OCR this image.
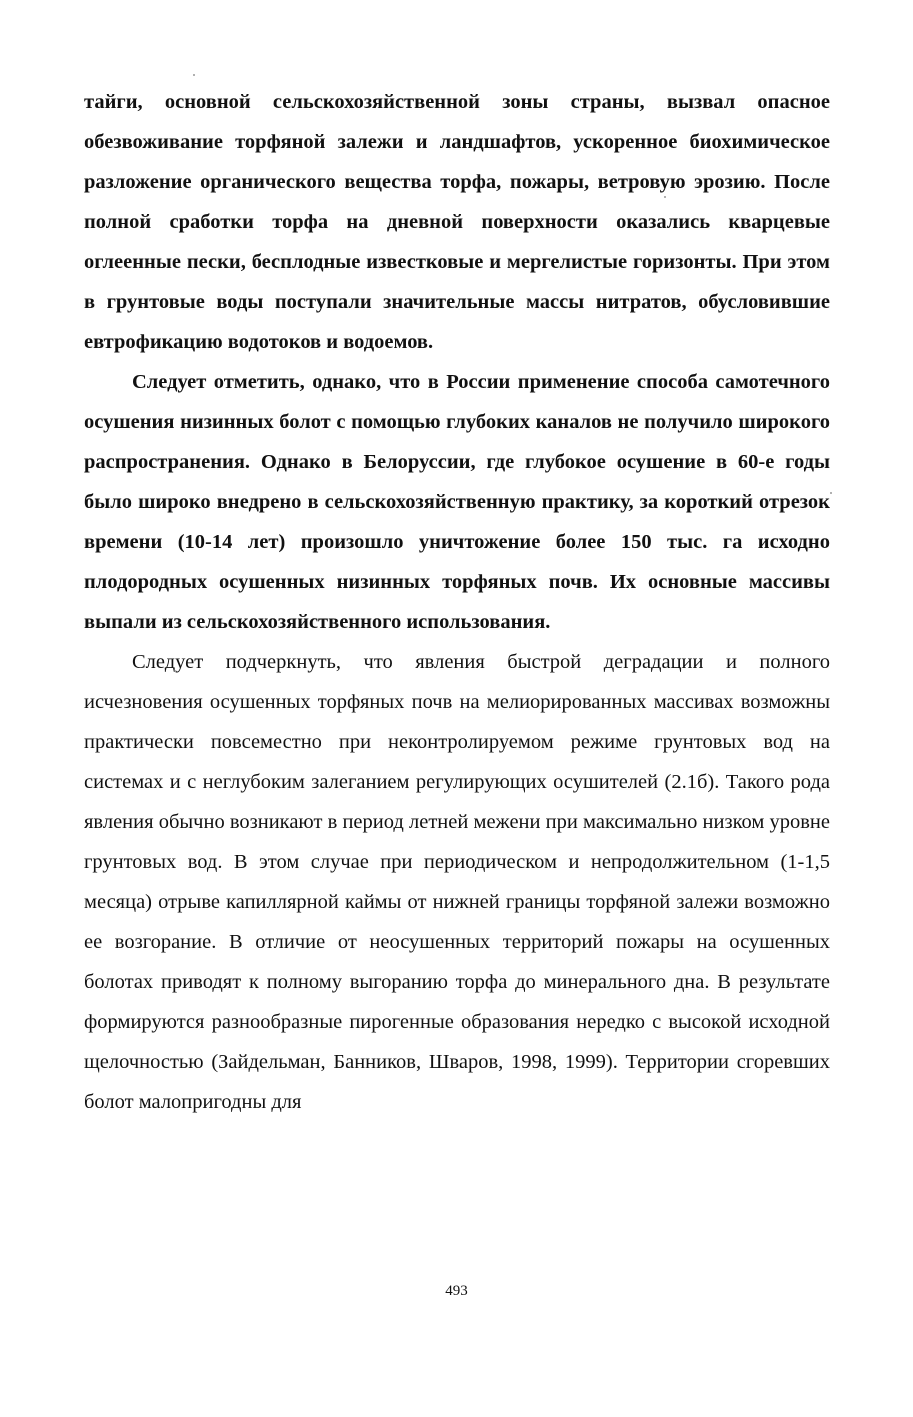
тайги, основной сельскохозяйственной зоны страны, вызвал опасное обезвоживание торфяной залежи и ландшафтов, ускоренное биохимическое разложение органического вещества торфа, пожары, ветровую эрозию. После полной сработки торфа на дневной поверхности оказались кварцевые оглеенные пески, бесплодные известковые и мергелистые горизонты. При этом в грунтовые воды поступали значительные массы нитратов, обусловившие евтрофикацию водотоков и водоемов.

Следует отметить, однако, что в России применение способа самотечного осушения низинных болот с помощью глубоких каналов не получило широкого распространения. Однако в Белоруссии, где глубокое осушение в 60-е годы было широко внедрено в сельскохозяйственную практику, за короткий отрезок времени (10-14 лет) произошло уничтожение более 150 тыс. га исходно плодородных осушенных низинных торфяных почв. Их основные массивы выпали из сельскохозяйственного использования.

Следует подчеркнуть, что явления быстрой деградации и полного исчезновения осушенных торфяных почв на мелиорированных массивах возможны практически повсеместно при неконтролируемом режиме грунтовых вод на системах и с неглубоким залеганием регулирующих осушителей (2.1б). Такого рода явления обычно возникают в период летней межени при максимально низком уровне грунтовых вод. В этом случае при периодическом и непродолжительном (1-1,5 месяца) отрыве капиллярной каймы от нижней границы торфяной залежи возможно ее возгорание. В отличие от неосушенных территорий пожары на осушенных болотах приводят к полному выгоранию торфа до минерального дна. В результате формируются разнообразные пирогенные образования нередко с высокой исходной щелочностью (Зайдельман, Банников, Шваров, 1998, 1999). Территории сгоревших болот малопригодны для

493
